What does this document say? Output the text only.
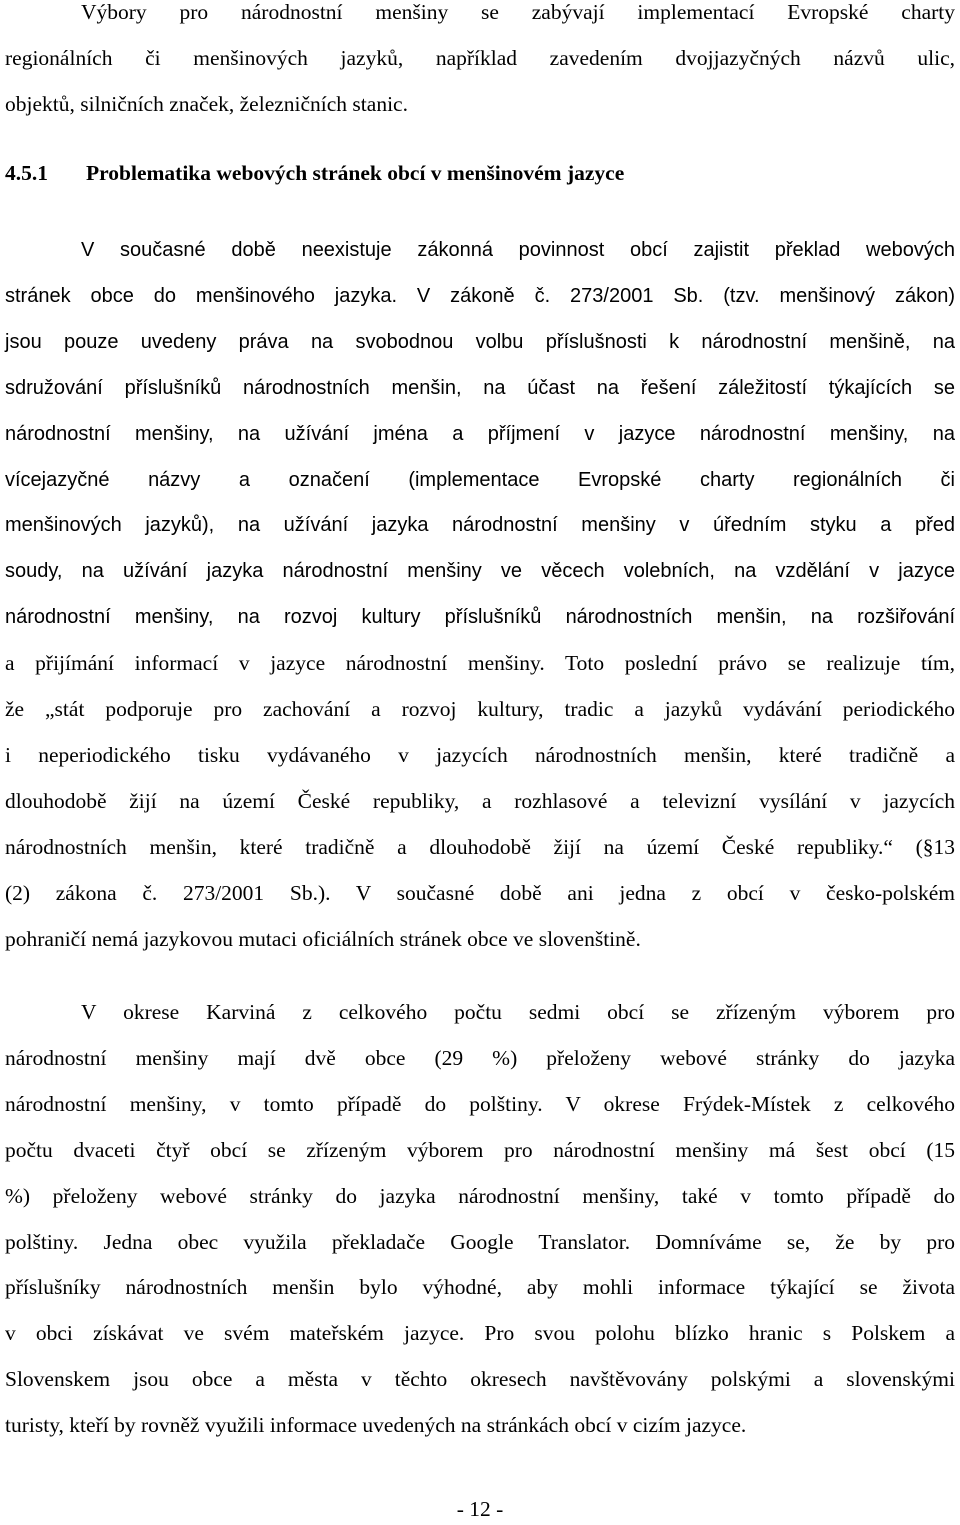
Výbory pro národnostní menšiny se zabývají implementací Evropské charty
regionálních či menšinových jazyků, například zavedením dvojjazyčných názvů ulic,
objektů, silničních značek, železničních stanic.

4.5.1 Problematika webových stránek obcí v menšinovém jazyce

V současné době neexistuje zákonná povinnost obcí zajistit překlad webových
stránek obce do menšinového jazyka. V zákoně č. 273/2001 Sb. (tzv. menšinový zákon)
jsou pouze uvedeny práva na svobodnou volbu příslušnosti k národnostní menšině, na
sdružování příslušníků národnostních menšin, na účast na řešení záležitostí týkajících se
národnostní menšiny, na užívání jména a příjmení v jazyce národnostní menšiny, na
vícejazyčné názvy a označení (implementace Evropské charty regionálních či
menšinových jazyků), na užívání jazyka národnostní menšiny v úředním styku a před
soudy, na užívání jazyka národnostní menšiny ve věcech volebních, na vzdělání v jazyce
národnostní menšiny, na rozvoj kultury příslušníků národnostních menšin, na rozšiřování
a přijímání informací v jazyce národnostní menšiny. Toto poslední právo se realizuje tím,
že „stát podporuje pro zachování a rozvoj kultury, tradic a jazyků vydávání periodického
i neperiodického tisku vydávaného v jazycích národnostních menšin, které tradičně a
dlouhodobě žijí na území České republiky, a rozhlasové a televizní vysílání v jazycích
národnostních menšin, které tradičně a dlouhodobě žijí na území České republiky.“ (§13
(2) zákona č. 273/2001 Sb.). V současné době ani jedna z obcí v česko-polském
pohraničí nemá jazykovou mutaci oficiálních stránek obce ve slovenštině.

V okrese Karviná z celkového počtu sedmi obcí se zřízeným výborem pro
národnostní menšiny mají dvě obce (29 %) přeloženy webové stránky do jazyka
národnostní menšiny, v tomto případě do polštiny. V okrese Frýdek-Místek z celkového
počtu dvaceti čtyř obcí se zřízeným výborem pro národnostní menšiny má šest obcí (15
%) přeloženy webové stránky do jazyka národnostní menšiny, také v tomto případě do
polštiny. Jedna obec využila překladače Google Translator. Domníváme se, že by pro
příslušníky národnostních menšin bylo výhodné, aby mohli informace týkající se života
v obci získávat ve svém mateřském jazyce. Pro svou polohu blízko hranic s Polskem a
Slovenskem jsou obce a města v těchto okresech navštěvovány polskými a slovenskými
turisty, kteří by rovněž využili informace uvedených na stránkách obcí v cizím jazyce.

- 12 -
